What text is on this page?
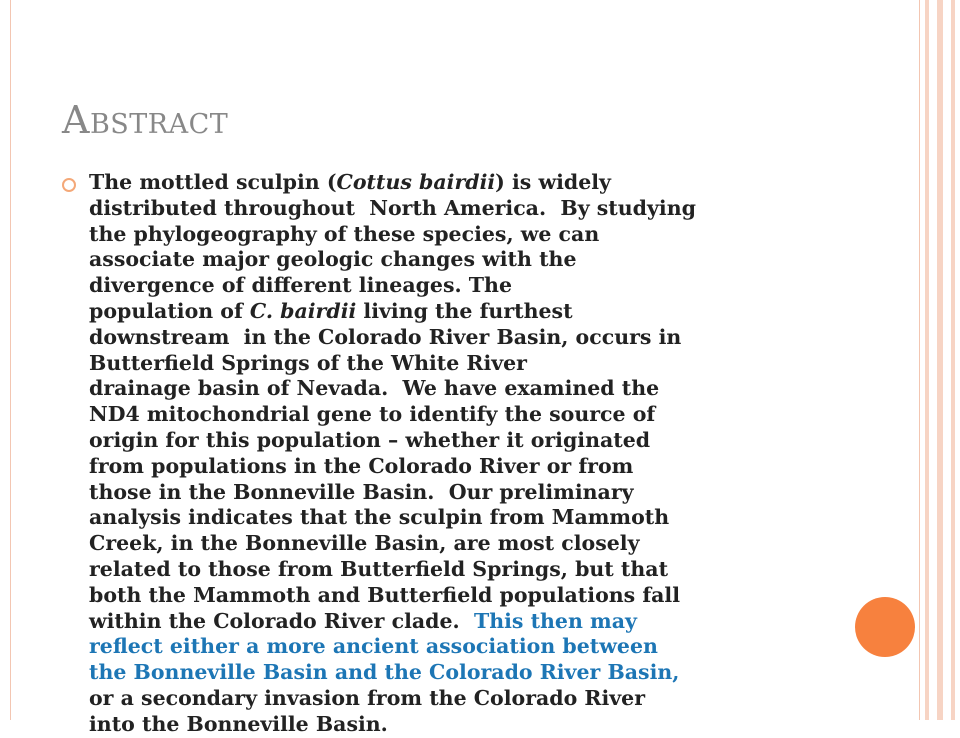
Abstract
The mottled sculpin (Cottus bairdii) is widely
distributed throughout  North America.  By studying
the phylogeography of these species, we can
associate major geologic changes with the
divergence of different lineages. The
population of C. bairdii living the furthest
downstream  in the Colorado River Basin, occurs in
Butterfield Springs of the White River
drainage basin of Nevada.  We have examined the
ND4 mitochondrial gene to identify the source of
origin for this population – whether it originated
from populations in the Colorado River or from
those in the Bonneville Basin.  Our preliminary
analysis indicates that the sculpin from Mammoth
Creek, in the Bonneville Basin, are most closely
related to those from Butterfield Springs, but that
both the Mammoth and Butterfield populations fall
within the Colorado River clade.  This then may
reflect either a more ancient association between
the Bonneville Basin and the Colorado River Basin,
or a secondary invasion from the Colorado River
into the Bonneville Basin.
